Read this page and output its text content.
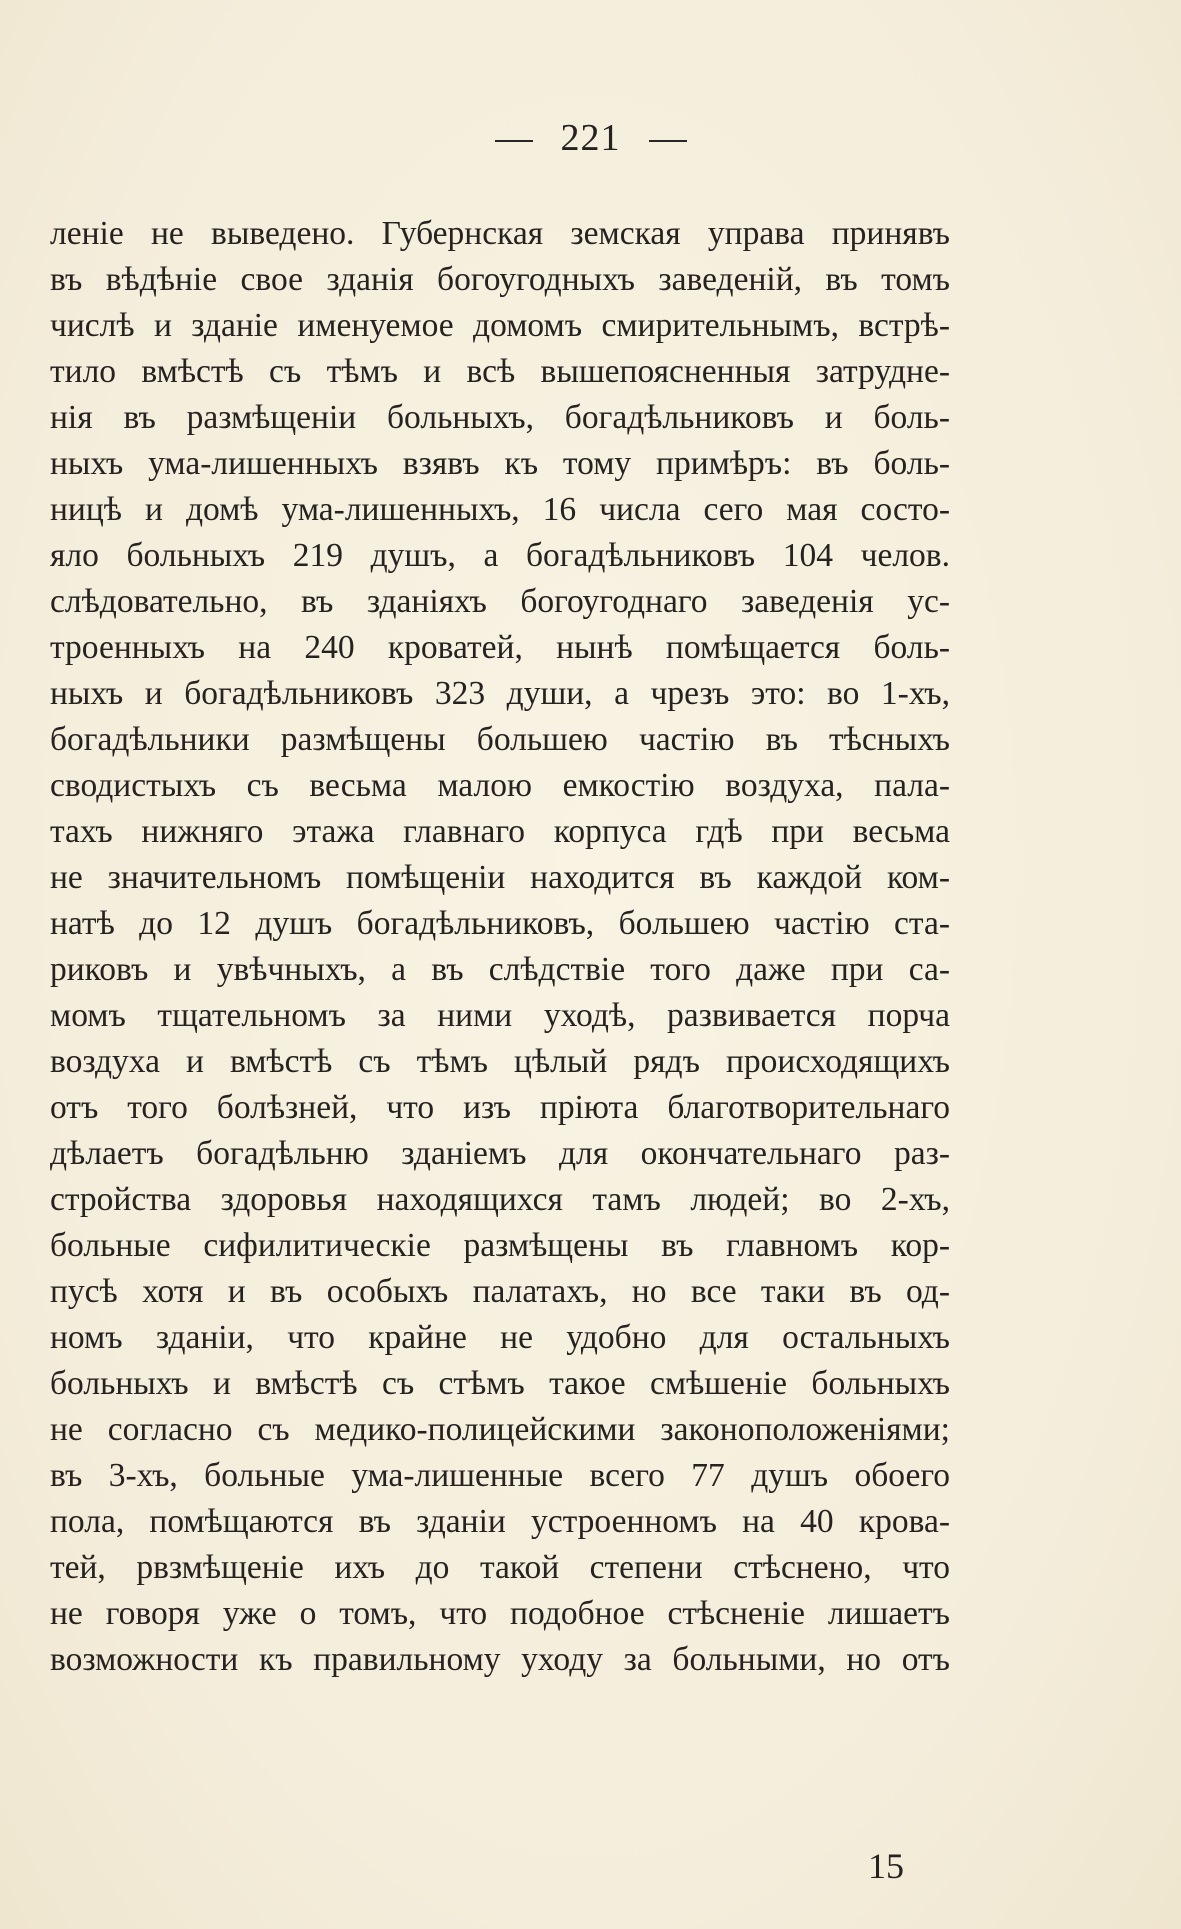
221
леніе не выведено. Губернская земская управа принявъ
въ вѣдѣніе свое зданія богоугодныхъ заведеній, въ томъ
числѣ и зданіе именуемое домомъ смирительнымъ, встрѣ-
тило вмѣстѣ съ тѣмъ и всѣ вышепоясненныя затрудне-
нія въ размѣщеніи больныхъ, богадѣльниковъ и боль-
ныхъ ума-лишенныхъ взявъ къ тому примѣръ: въ боль-
ницѣ и домѣ ума-лишенныхъ, 16 числа сего мая состо-
яло больныхъ 219 душъ, а богадѣльниковъ 104 челов.
слѣдовательно, въ зданіяхъ богоугоднаго заведенія ус-
троенныхъ на 240 кроватей, нынѣ помѣщается боль-
ныхъ и богадѣльниковъ 323 души, а чрезъ это: во 1-хъ,
богадѣльники размѣщены большею частію въ тѣсныхъ
сводистыхъ съ весьма малою емкостію воздуха, пала-
тахъ нижняго этажа главнаго корпуса гдѣ при весьма
не значительномъ помѣщеніи находится въ каждой ком-
натѣ до 12 душъ богадѣльниковъ, большею частію ста-
риковъ и увѣчныхъ, а въ слѣдствіе того даже при са-
момъ тщательномъ за ними уходѣ, развивается порча
воздуха и вмѣстѣ съ тѣмъ цѣлый рядъ происходящихъ
отъ того болѣзней, что изъ пріюта благотворительнаго
дѣлаетъ богадѣльню зданіемъ для окончательнаго раз-
стройства здоровья находящихся тамъ людей; во 2-хъ,
больные сифилитическіе размѣщены въ главномъ кор-
пусѣ хотя и въ особыхъ палатахъ, но все таки въ од-
номъ зданіи, что крайне не удобно для остальныхъ
больныхъ и вмѣстѣ съ стѣмъ такое смѣшеніе больныхъ
не согласно съ медико-полицейскими законоположеніями;
въ 3-хъ, больные ума-лишенные всего 77 душъ обоего
пола, помѣщаются въ зданіи устроенномъ на 40 крова-
тей, рвзмѣщеніе ихъ до такой степени стѣснено, что
не говоря уже о томъ, что подобное стѣсненіе лишаетъ
возможности къ правильному уходу за больными, но отъ
15
